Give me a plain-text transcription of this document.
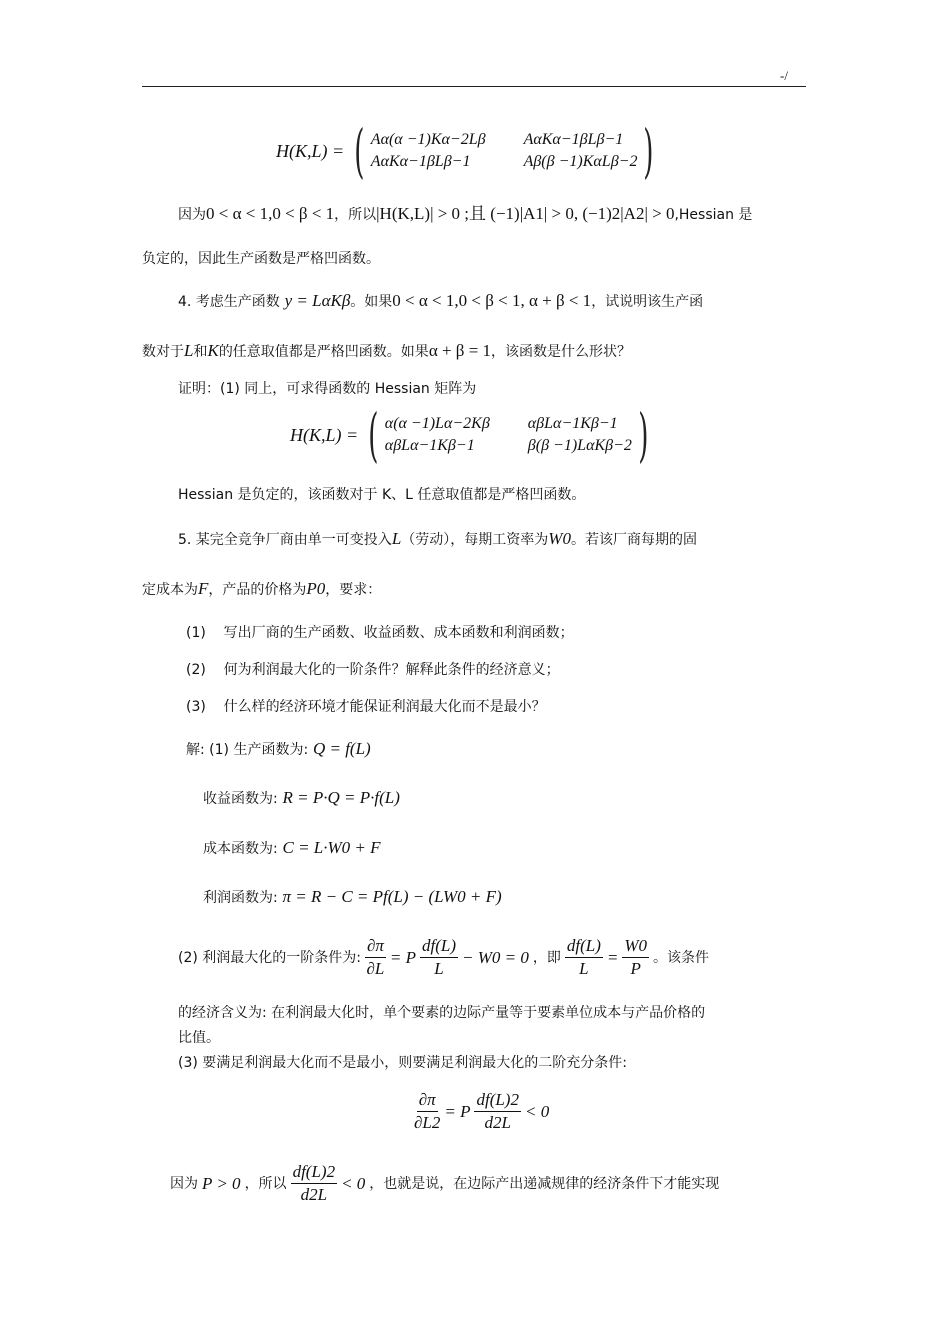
-/
H(K,L) = ( Aα(α −1)Kα−2Lβ AαKα−1βLβ−1
AαKα−1βLβ−1	Aβ(β −1)KαLβ−2 )
因为0 < α < 1,0 < β < 1，所以|H(K,L)| > 0 ;且 (−1)|A1| > 0, (−1)2|A2| > 0,Hessian 是
负定的，因此生产函数是严格凹函数。
4. 考虑生产函数 y = LαKβ。如果0 < α < 1,0 < β < 1, α + β < 1，试说明该生产函
数对于L和K的任意取值都是严格凹函数。如果α + β = 1，该函数是什么形状？
证明：(1) 同上，可求得函数的 Hessian 矩阵为
H(K,L) = ( α(α −1)Lα−2Kβ αβLα−1Kβ−1
αβLα−1Kβ−1	β(β −1)LαKβ−2 )
Hessian 是负定的，该函数对于 K、L 任意取值都是严格凹函数。
5. 某完全竞争厂商由单一可变投入L（劳动），每期工资率为W0。若该厂商每期的固
定成本为F，产品的价格为P0，要求：
(1) 写出厂商的生产函数、收益函数、成本函数和利润函数；
(2) 何为利润最大化的一阶条件？解释此条件的经济意义；
(3) 什么样的经济环境才能保证利润最大化而不是最小？
解: (1) 生产函数为: Q = f(L)
收益函数为: R = P·Q = P·f(L)
成本函数为: C = L·W0 + F
利润函数为: π = R − C = Pf(L) − (LW0 + F)
(2) 利润最大化的一阶条件为: $\frac{\partial\pi}{\partial L} = P \frac{df(L)}{L} - W0 = 0$ ，即 $\frac{df(L)}{L} = \frac{W0}{P}$ 。该条件
的经济含义为: 在利润最大化时，单个要素的边际产量等于要素单位成本与产品价格的
比值。
(3) 要满足利润最大化而不是最小，则要满足利润最大化的二阶充分条件:
$\frac{\partial\pi}{\partial L2} = P \frac{df(L)2}{d2L} < 0$
因为 P > 0 ，所以 $\frac{df(L)2}{d2L} < 0$ ，也就是说，在边际产出递减规律的经济条件下才能实现
